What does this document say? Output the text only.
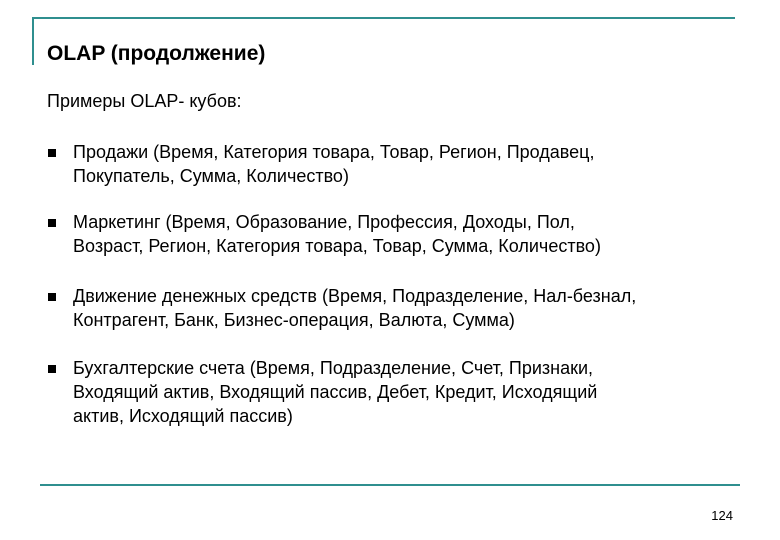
OLAP (продолжение)

Примеры OLAP- кубов:

Продажи (Время, Категория товара, Товар, Регион, Продавец,
Покупатель, Сумма, Количество)

Маркетинг (Время, Образование, Профессия, Доходы, Пол,
Возраст, Регион, Категория товара, Товар, Сумма, Количество)

Движение денежных средств (Время, Подразделение, Нал-безнал,
Контрагент, Банк, Бизнес-операция, Валюта, Сумма)

Бухгалтерские счета (Время, Подразделение, Счет, Признаки,
Входящий актив, Входящий пассив, Дебет, Кредит, Исходящий
актив, Исходящий пассив)

124
